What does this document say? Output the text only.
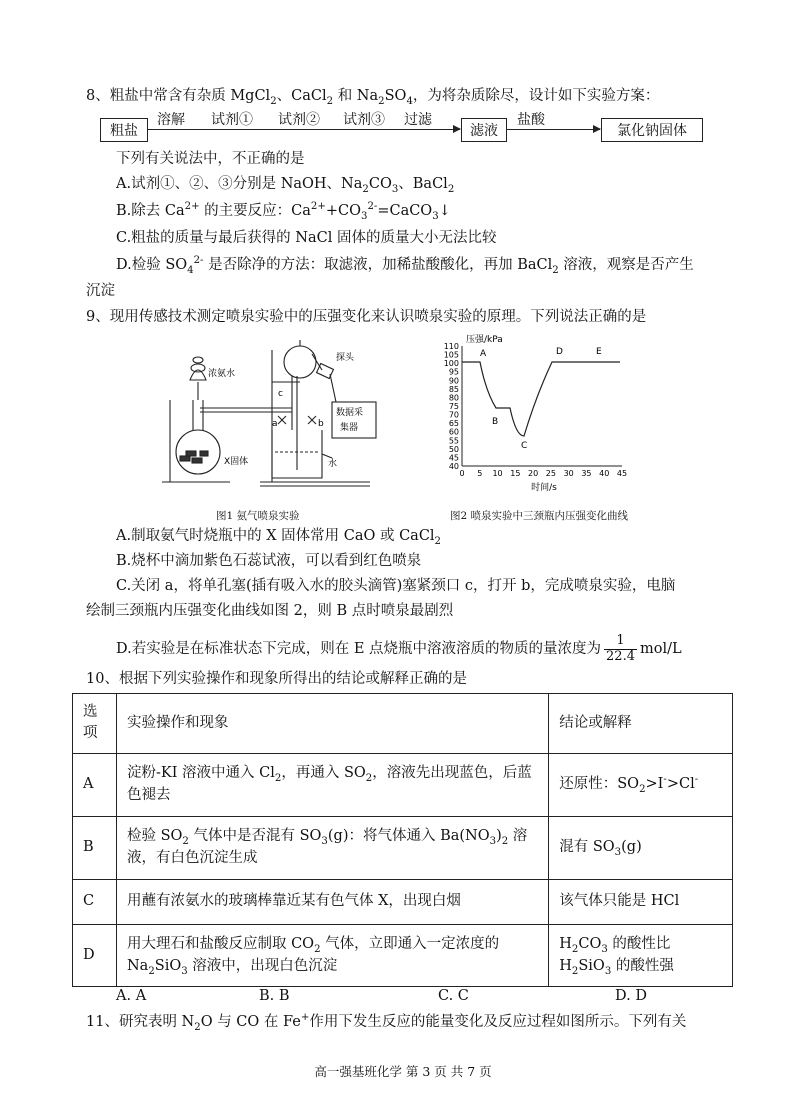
8、粗盐中常含有杂质 MgCl$_2$、CaCl$_2$ 和 $Na_2SO_4$，为将杂质除尽，设计如下实验方案：
粗盐
溶解 试剂① 试剂② 试剂③ 过滤
滤液
盐酸
氯化钠固体
下列有关说法中，不正确的是
A.试剂①、②、③分别是 NaOH、$Na_2CO_3$、BaCl$_2$
B.除去 $Ca^{2+}$ 的主要反应：$Ca^{2+}+CO_3^{2-}=CaCO_3↓$
C.粗盐的质量与最后获得的 NaCl 固体的质量大小无法比较
D.检验 $SO_4^{2-}$ 是否除净的方法：取滤液，加稀盐酸酸化，再加 BaCl$_2$ 溶液，观察是否产生
沉淀
9、现用传感技术测定喷泉实验中的压强变化来认识喷泉实验的原理。下列说法正确的是
浓氨水
探头
数据采
集器
X固体	水
a	b
c
图1 氨气喷泉实验
压强/kPa
40
45
50
55
60
65
70
75
80
85
90
95
100
105
110
0 5 10 15 20 25 30 35 40 45
A
B
C
D	E
时间/s
图2 喷泉实验中三颈瓶内压强变化曲线
A.制取氨气时烧瓶中的 X 固体常用 CaO 或 CaCl$_2$
B.烧杯中滴加紫色石蕊试液，可以看到红色喷泉
C.关闭 a，将单孔塞(插有吸入水的胶头滴管)塞紧颈口 c，打开 b，完成喷泉实验，电脑
绘制三颈瓶内压强变化曲线如图 2，则 B 点时喷泉最剧烈
D.若实验是在标准状态下完成，则在 E 点烧瓶中溶液溶质的物质的量浓度为
1
22.4 mol/L
10、根据下列实验操作和现象所得出的结论或解释正确的是
选项	实验操作和现象	结论或解释
A	淀粉-KI 溶液中通入 $Cl_2$，再通入 $SO_2$，溶液先出现蓝色，后蓝色褪去	还原性：$SO_2>I^->Cl^-$
B	检验 $SO_2$ 气体中是否混有 $SO_3(g)$：将气体通入 $Ba(NO_3)_2$ 溶液，有白色沉淀生成	混有 $SO_3(g)$
C	用蘸有浓氨水的玻璃棒靠近某有色气体 X，出现白烟	该气体只能是 HCl
D	用大理石和盐酸反应制取 $CO_2$ 气体，立即通入一定浓度的 $Na_2SiO_3$ 溶液中，出现白色沉淀	$H_2CO_3$ 的酸性比 $H_2SiO_3$ 的酸性强
A. A	B. B	C. C	D. D
11、研究表明 $N_2O$ 与 CO 在 Fe+作用下发生反应的能量变化及反应过程如图所示。下列有关
高一强基班化学 第 3 页 共 7 页
